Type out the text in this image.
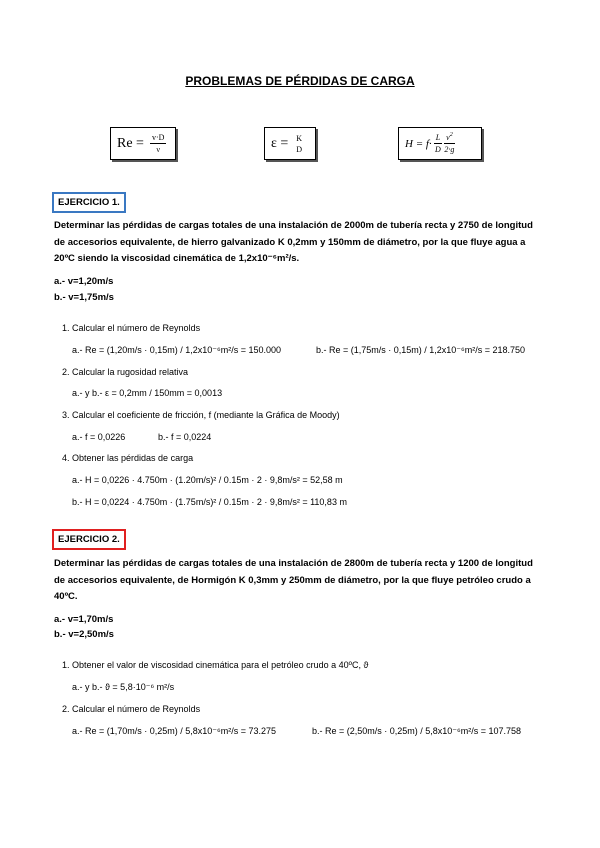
PROBLEMAS DE PÉRDIDAS DE CARGA
$Re = \frac{v\cdot D}{\nu}$	ε = K
D	$H = f\cdot \frac{L}{D} \frac{v^2}{2\cdot g}$
EJERCICIO 1.
Determinar las pérdidas de cargas totales de una instalación de 2000m de tubería recta y 2750 de longitud de accesorios equivalente, de hierro galvanizado K 0,2mm y 150mm de diámetro, por la que fluye agua a 20ºC siendo la viscosidad cinemática de 1,2x10⁻⁶m²/s.
a.- v=1,20m/s
b.- v=1,75m/s
1. Calcular el número de Reynolds
a.- Re = (1,20m/s · 0,15m) / 1,2x10⁻⁶m²/s = 150.000	b.- Re = (1,75m/s · 0,15m) / 1,2x10⁻⁶m²/s = 218.750
2. Calcular la rugosidad relativa
a.- y b.- ε = 0,2mm / 150mm = 0,0013
3. Calcular el coeficiente de fricción, f (mediante la Gráfica de Moody)
a.- f = 0,0226	b.- f = 0,0224
4. Obtener las pérdidas de carga
a.- H = 0,0226 · 4.750m · (1.20m/s)² / 0.15m · 2 · 9,8m/s² = 52,58 m
b.- H = 0,0224 · 4.750m · (1.75m/s)² / 0.15m · 2 · 9,8m/s² = 110,83 m
EJERCICIO 2.
Determinar las pérdidas de cargas totales de una instalación de 2800m de tubería recta y 1200 de longitud de accesorios equivalente, de Hormigón K 0,3mm y 250mm de diámetro, por la que fluye petróleo crudo a 40ºC.
a.- v=1,70m/s
b.- v=2,50m/s
1. Obtener el valor de viscosidad cinemática para el petróleo crudo a 40ºC, ϑ
a.- y b.- ϑ = 5,8·10⁻⁶ m²/s
2. Calcular el número de Reynolds
a.- Re = (1,70m/s · 0,25m) / 5,8x10⁻⁶m²/s = 73.275	b.- Re = (2,50m/s · 0,25m) / 5,8x10⁻⁶m²/s = 107.758
